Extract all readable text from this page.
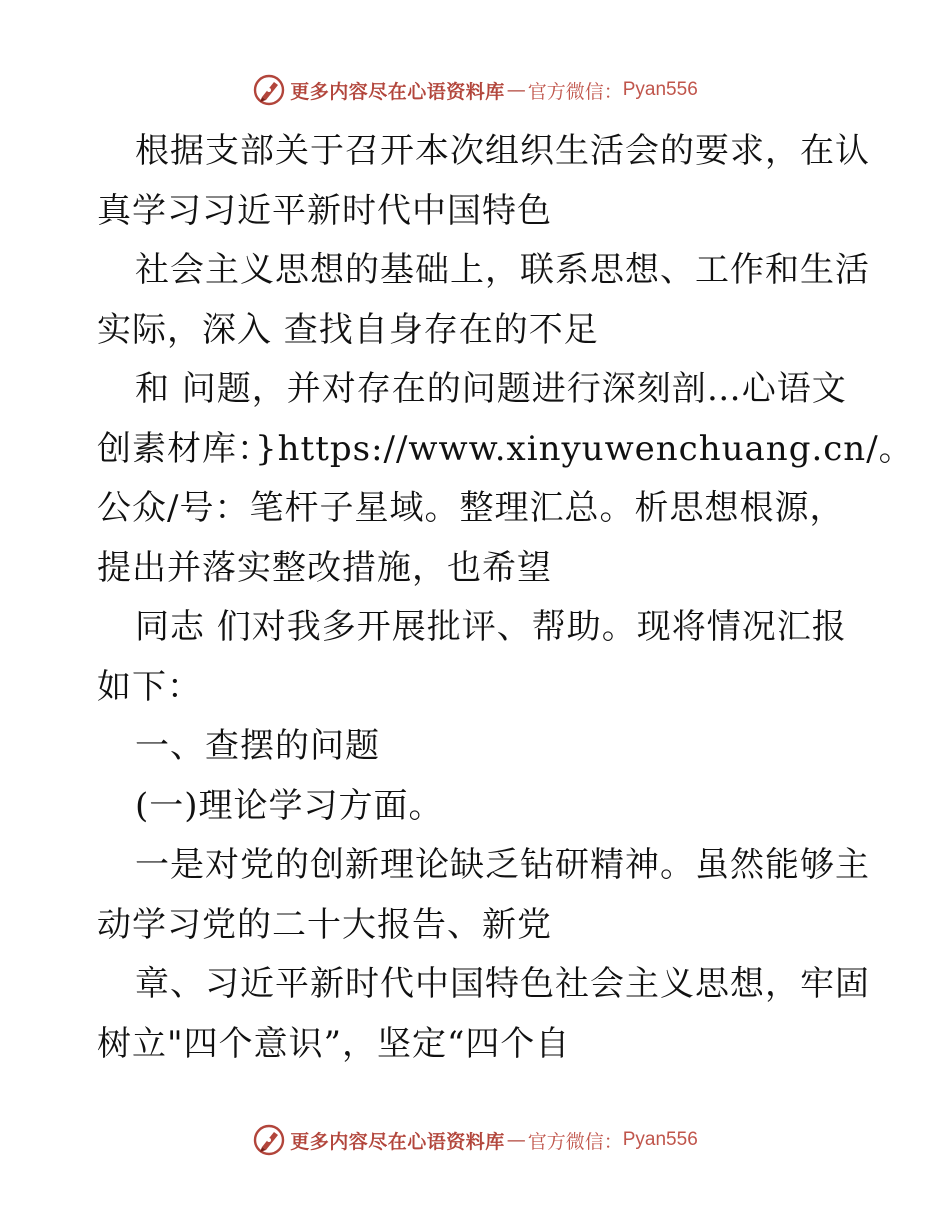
更多内容尽在心语资料库 — 官方微信： Pyan556
根据支部关于召开本次组织生活会的要求，在认
真学习习近平新时代中国特色
社会主义思想的基础上，联系思想、工作和生活
实际，深入 查找自身存在的不足
和 问题，并对存在的问题进行深刻剖…心语文
创素材库：}https://www.xinyuwenchuang.cn/。
公众/号：笔杆子星域。整理汇总。析思想根源，
提出并落实整改措施，也希望
同志 们对我多开展批评、帮助。现将情况汇报
如下：
一、查摆的问题
(一)理论学习方面。
一是对党的创新理论缺乏钻研精神。虽然能够主
动学习党的二十大报告、新党
章、习近平新时代中国特色社会主义思想，牢固
树立"四个意识”，坚定“四个自
更多内容尽在心语资料库 — 官方微信： Pyan556
